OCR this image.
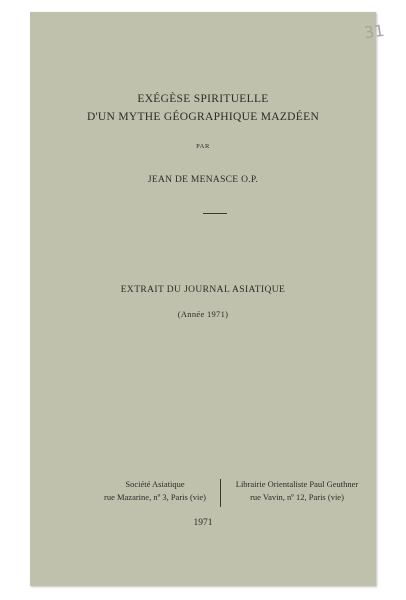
31
EXÉGÈSE SPIRITUELLE
D'UN MYTHE GÉOGRAPHIQUE MAZDÉEN
PAR
JEAN DE MENASCE O.P.
EXTRAIT DU JOURNAL ASIATIQUE
(Année 1971)
Société Asiatique
rue Mazarine, nº 3, Paris (vie)
Librairie Orientaliste Paul Geuthner
rue Vavin, nº 12, Paris (vie)
1971
